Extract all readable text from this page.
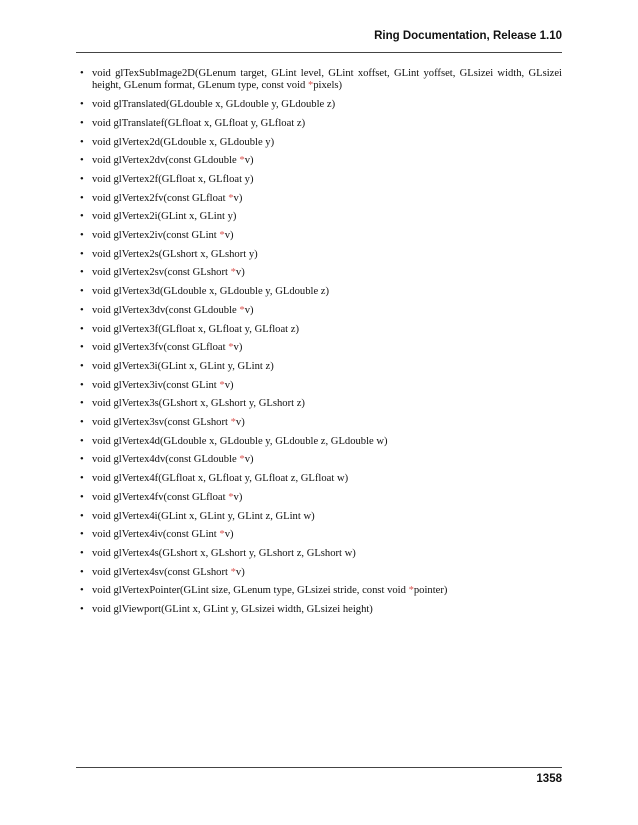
Ring Documentation, Release 1.10
• void glTexSubImage2D(GLenum target, GLint level, GLint xoffset, GLint yoffset, GLsizei width, GLsizei height, GLenum format, GLenum type, const void *pixels)
• void glTranslated(GLdouble x, GLdouble y, GLdouble z)
• void glTranslatef(GLfloat x, GLfloat y, GLfloat z)
• void glVertex2d(GLdouble x, GLdouble y)
• void glVertex2dv(const GLdouble *v)
• void glVertex2f(GLfloat x, GLfloat y)
• void glVertex2fv(const GLfloat *v)
• void glVertex2i(GLint x, GLint y)
• void glVertex2iv(const GLint *v)
• void glVertex2s(GLshort x, GLshort y)
• void glVertex2sv(const GLshort *v)
• void glVertex3d(GLdouble x, GLdouble y, GLdouble z)
• void glVertex3dv(const GLdouble *v)
• void glVertex3f(GLfloat x, GLfloat y, GLfloat z)
• void glVertex3fv(const GLfloat *v)
• void glVertex3i(GLint x, GLint y, GLint z)
• void glVertex3iv(const GLint *v)
• void glVertex3s(GLshort x, GLshort y, GLshort z)
• void glVertex3sv(const GLshort *v)
• void glVertex4d(GLdouble x, GLdouble y, GLdouble z, GLdouble w)
• void glVertex4dv(const GLdouble *v)
• void glVertex4f(GLfloat x, GLfloat y, GLfloat z, GLfloat w)
• void glVertex4fv(const GLfloat *v)
• void glVertex4i(GLint x, GLint y, GLint z, GLint w)
• void glVertex4iv(const GLint *v)
• void glVertex4s(GLshort x, GLshort y, GLshort z, GLshort w)
• void glVertex4sv(const GLshort *v)
• void glVertexPointer(GLint size, GLenum type, GLsizei stride, const void *pointer)
• void glViewport(GLint x, GLint y, GLsizei width, GLsizei height)
1358
